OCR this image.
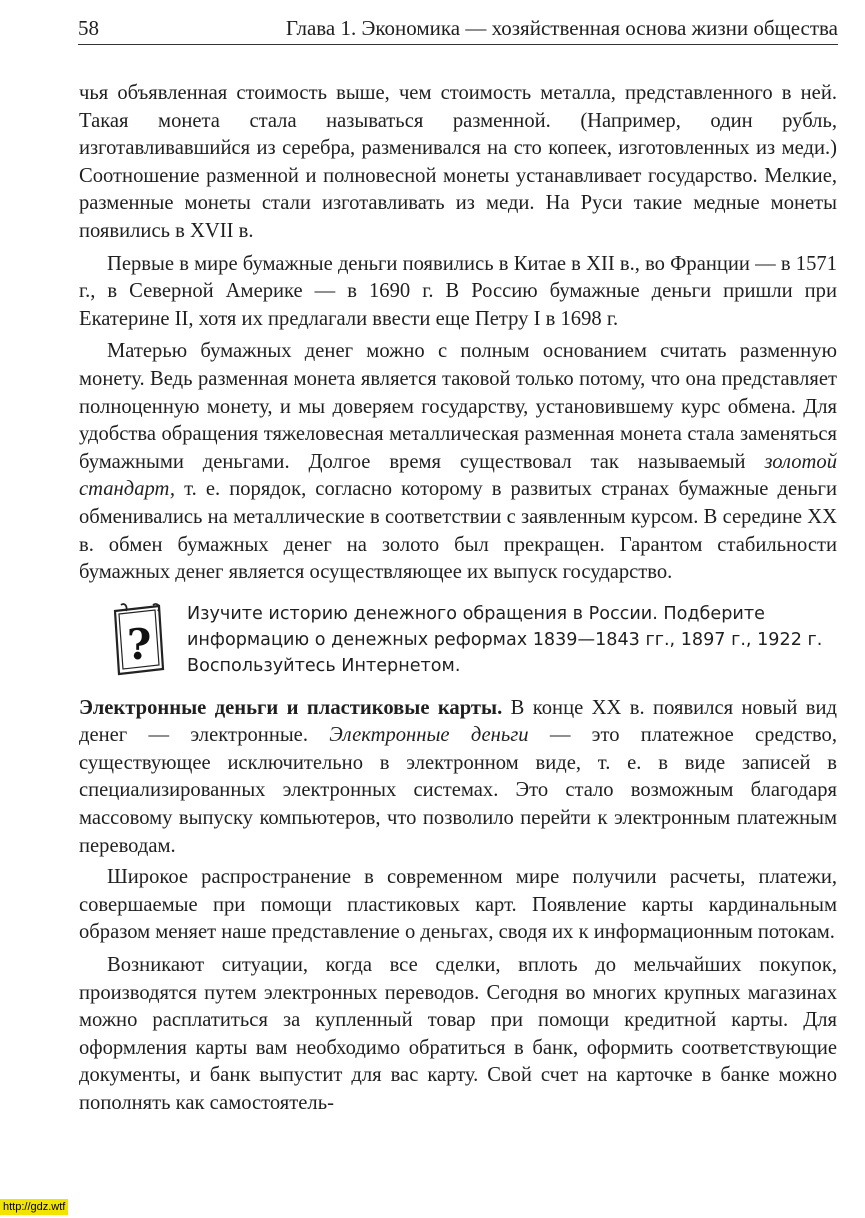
58	Глава 1. Экономика — хозяйственная основа жизни общества

чья объявленная стоимость выше, чем стоимость металла, представленного в ней. Такая монета стала называться разменной. (Например, один рубль, изготавливавшийся из серебра, разменивался на сто копеек, изготовленных из меди.) Соотношение разменной и полновесной монеты устанавливает государство. Мелкие, разменные монеты стали изготавливать из меди. На Руси такие медные монеты появились в XVII в.

Первые в мире бумажные деньги появились в Китае в XII в., во Франции — в 1571 г., в Северной Америке — в 1690 г. В Россию бумажные деньги пришли при Екатерине II, хотя их предлагали ввести еще Петру I в 1698 г.

Матерью бумажных денег можно с полным основанием считать разменную монету. Ведь разменная монета является таковой только потому, что она представляет полноценную монету, и мы доверяем государству, установившему курс обмена. Для удобства обращения тяжеловесная металлическая разменная монета стала заменяться бумажными деньгами. Долгое время существовал так называемый золотой стандарт, т. е. порядок, согласно которому в развитых странах бумажные деньги обменивались на металлические в соответствии с заявленным курсом. В середине XX в. обмен бумажных денег на золото был прекращен. Гарантом стабильности бумажных денег является осуществляющее их выпуск государство.

?
Изучите историю денежного обращения в России. Подберите информацию о денежных реформах 1839—1843 гг., 1897 г., 1922 г. Воспользуйтесь Интернетом.

Электронные деньги и пластиковые карты. В конце XX в. появился новый вид денег — электронные. Электронные деньги — это платежное средство, существующее исключительно в электронном виде, т. е. в виде записей в специализированных электронных системах. Это стало возможным благодаря массовому выпуску компьютеров, что позволило перейти к электронным платежным переводам.

Широкое распространение в современном мире получили расчеты, платежи, совершаемые при помощи пластиковых карт. Появление карты кардинальным образом меняет наше представление о деньгах, сводя их к информационным потокам.

Возникают ситуации, когда все сделки, вплоть до мельчайших покупок, производятся путем электронных переводов. Сегодня во многих крупных магазинах можно расплатиться за купленный товар при помощи кредитной карты. Для оформления карты вам необходимо обратиться в банк, оформить соответствующие документы, и банк выпустит для вас карту. Свой счет на карточке в банке можно пополнять как самостоятель-

http://gdz.wtf
